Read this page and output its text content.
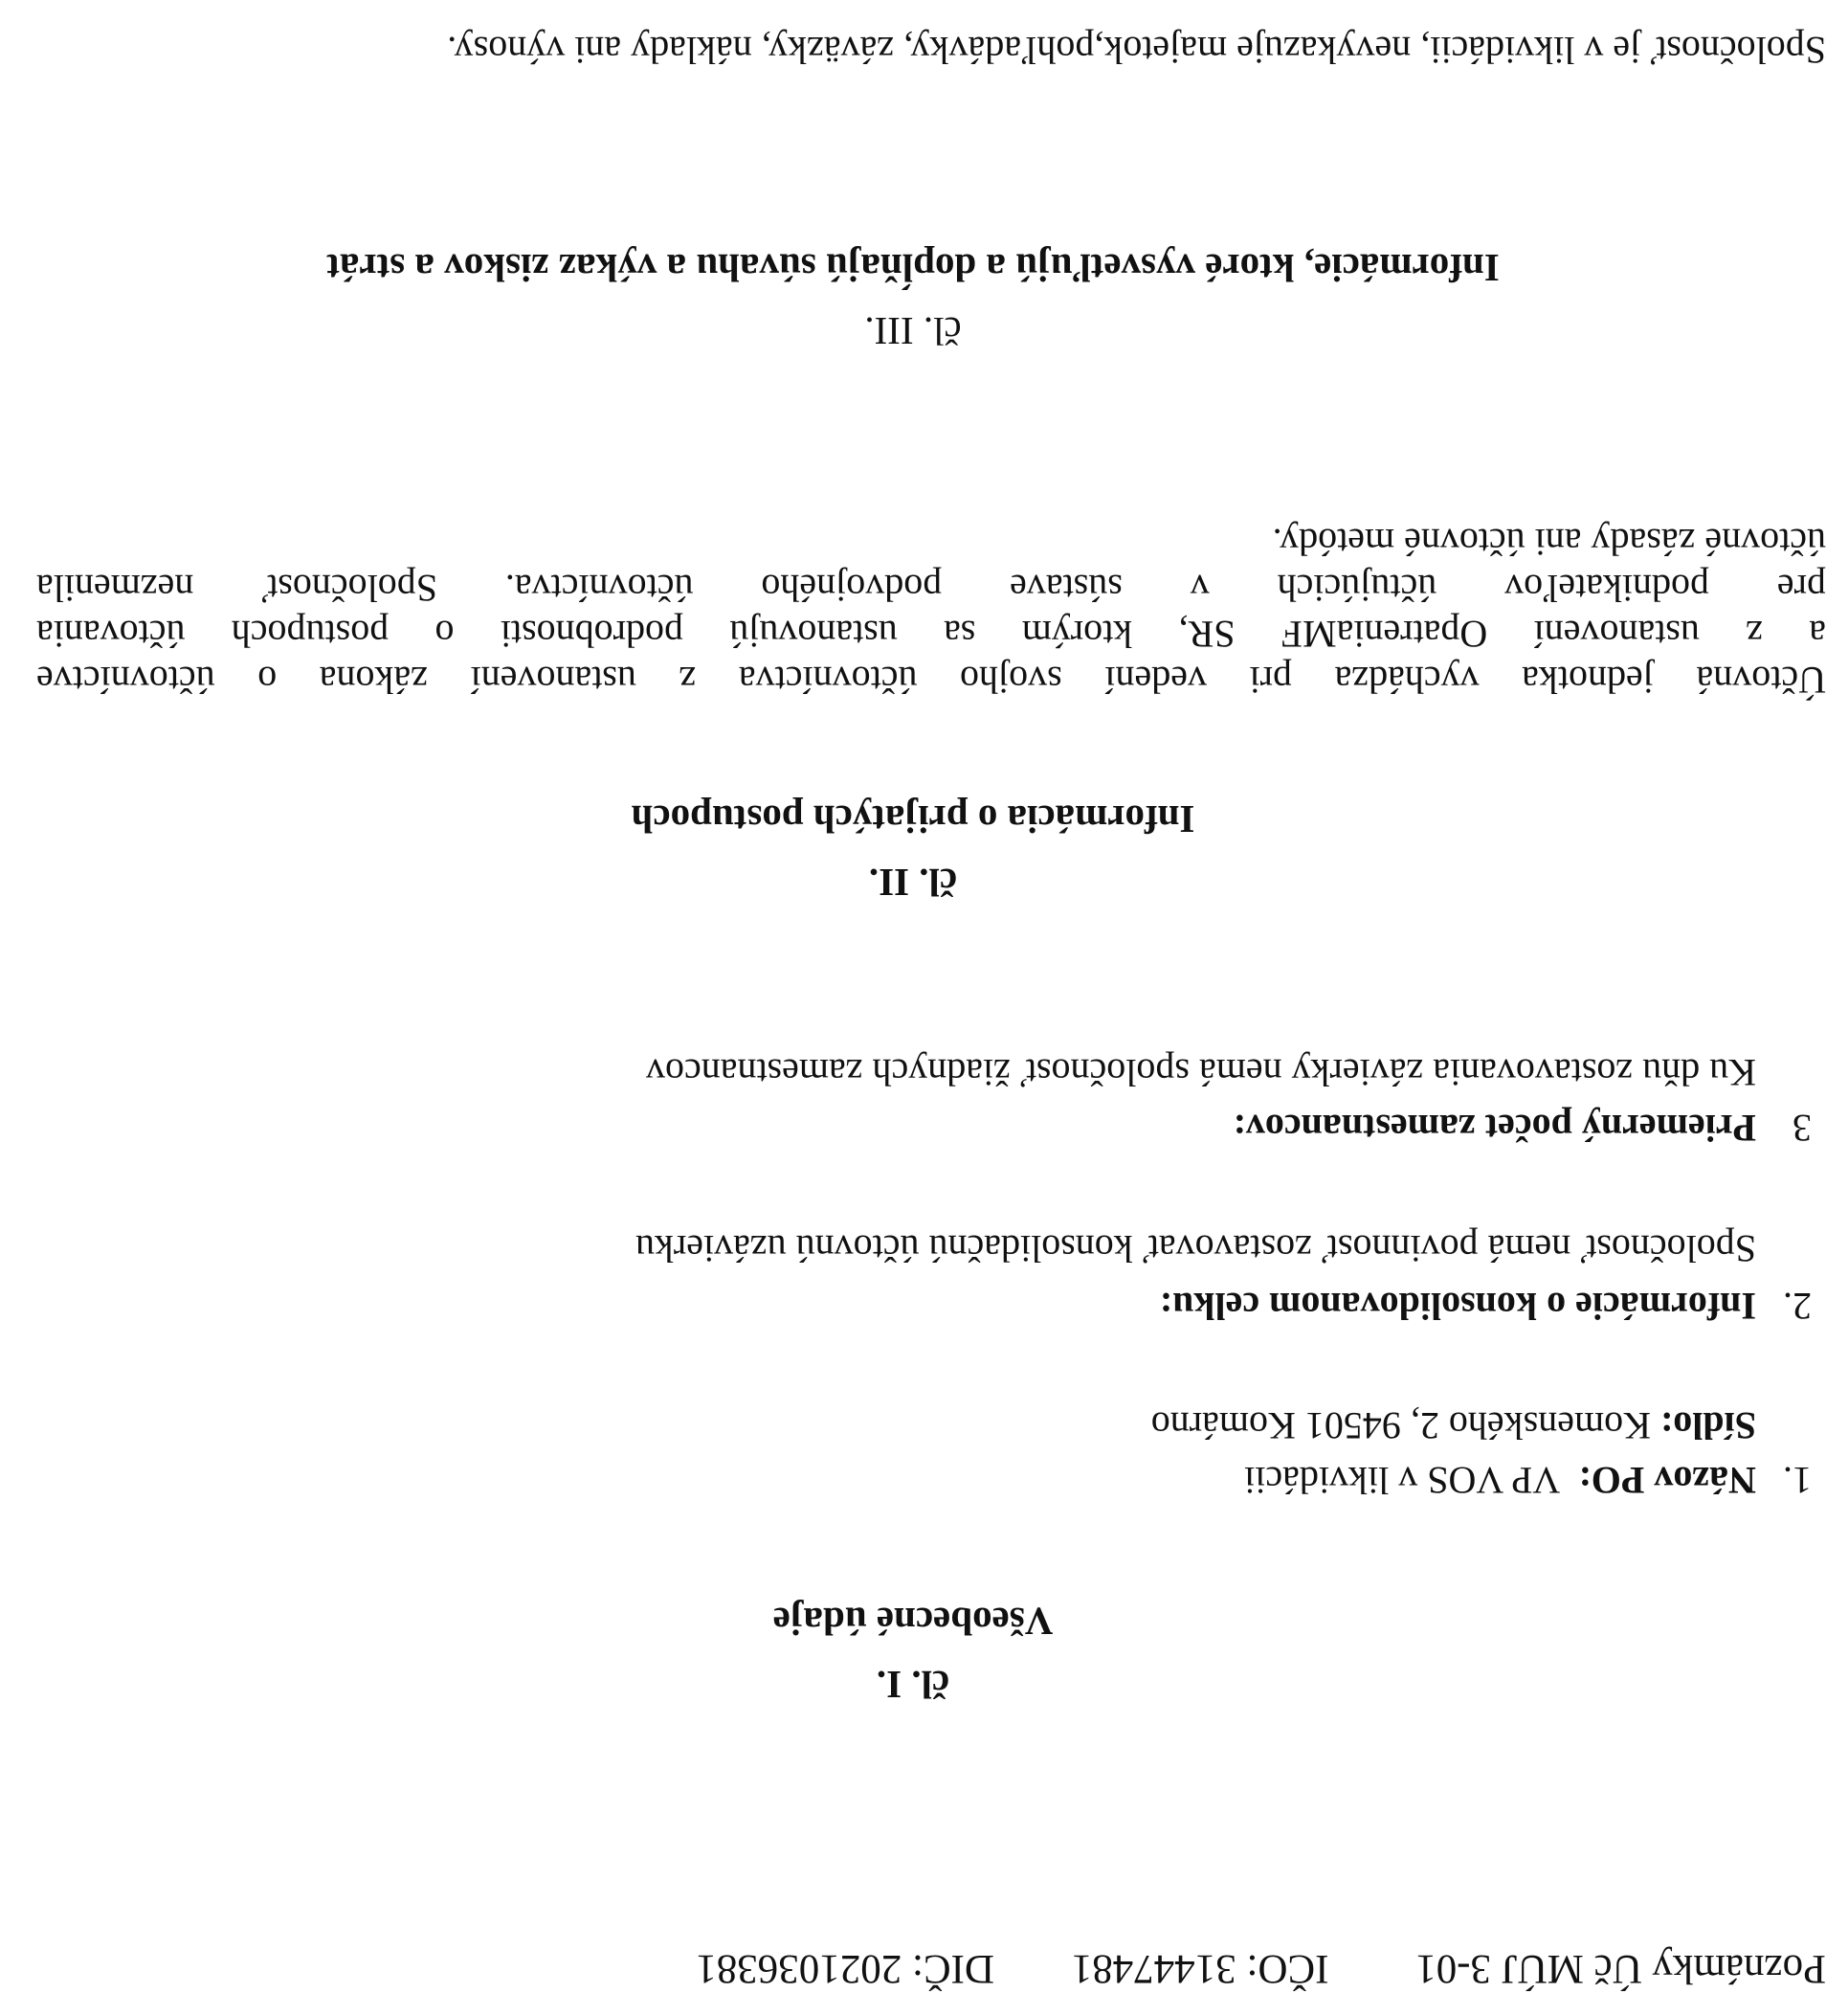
Poznámky Úč MÚJ 3-01 IČO: 31447481 DIČ: 2021036381
čl. I.
Všeobecné údaje
1.Názov PO:  VP VOS v likvidácii
Sídlo: Komenského 2, 94501 Komárno
2.Informácie o konsolidovanom celku:
Spoločnosť nemá povinnosť zostavovať konsolidačnú účtovnú uzávierku
3Priemerný počet zamestnancov:
Ku dňu zostavovania závierky nemá spoločnosť žiadnych zamestnancov
čl. II.
Informácia o prijatých postupoch
Účtovná jednotka vychádza pri vedení svojho účtovníctva z ustanovení zákona o účtovníctve
a z ustanovení OpatreniaMF SR, ktorým sa ustanovujú podrobnosti o postupoch účtovania
pre podnikateľov účtujúcich v sústave podvojného účtovníctva. Spoločnosť nezmenila
účtovné zásady ani účtovné metódy.
čl. III.
Informácie, ktoré vysvetľujú a dopĺňajú súvahu a výkaz ziskov a strát
Spoločnosť je v likvidácii, nevykazuje majetok,pohľadávky, záväzky, náklady ani výnosy.
